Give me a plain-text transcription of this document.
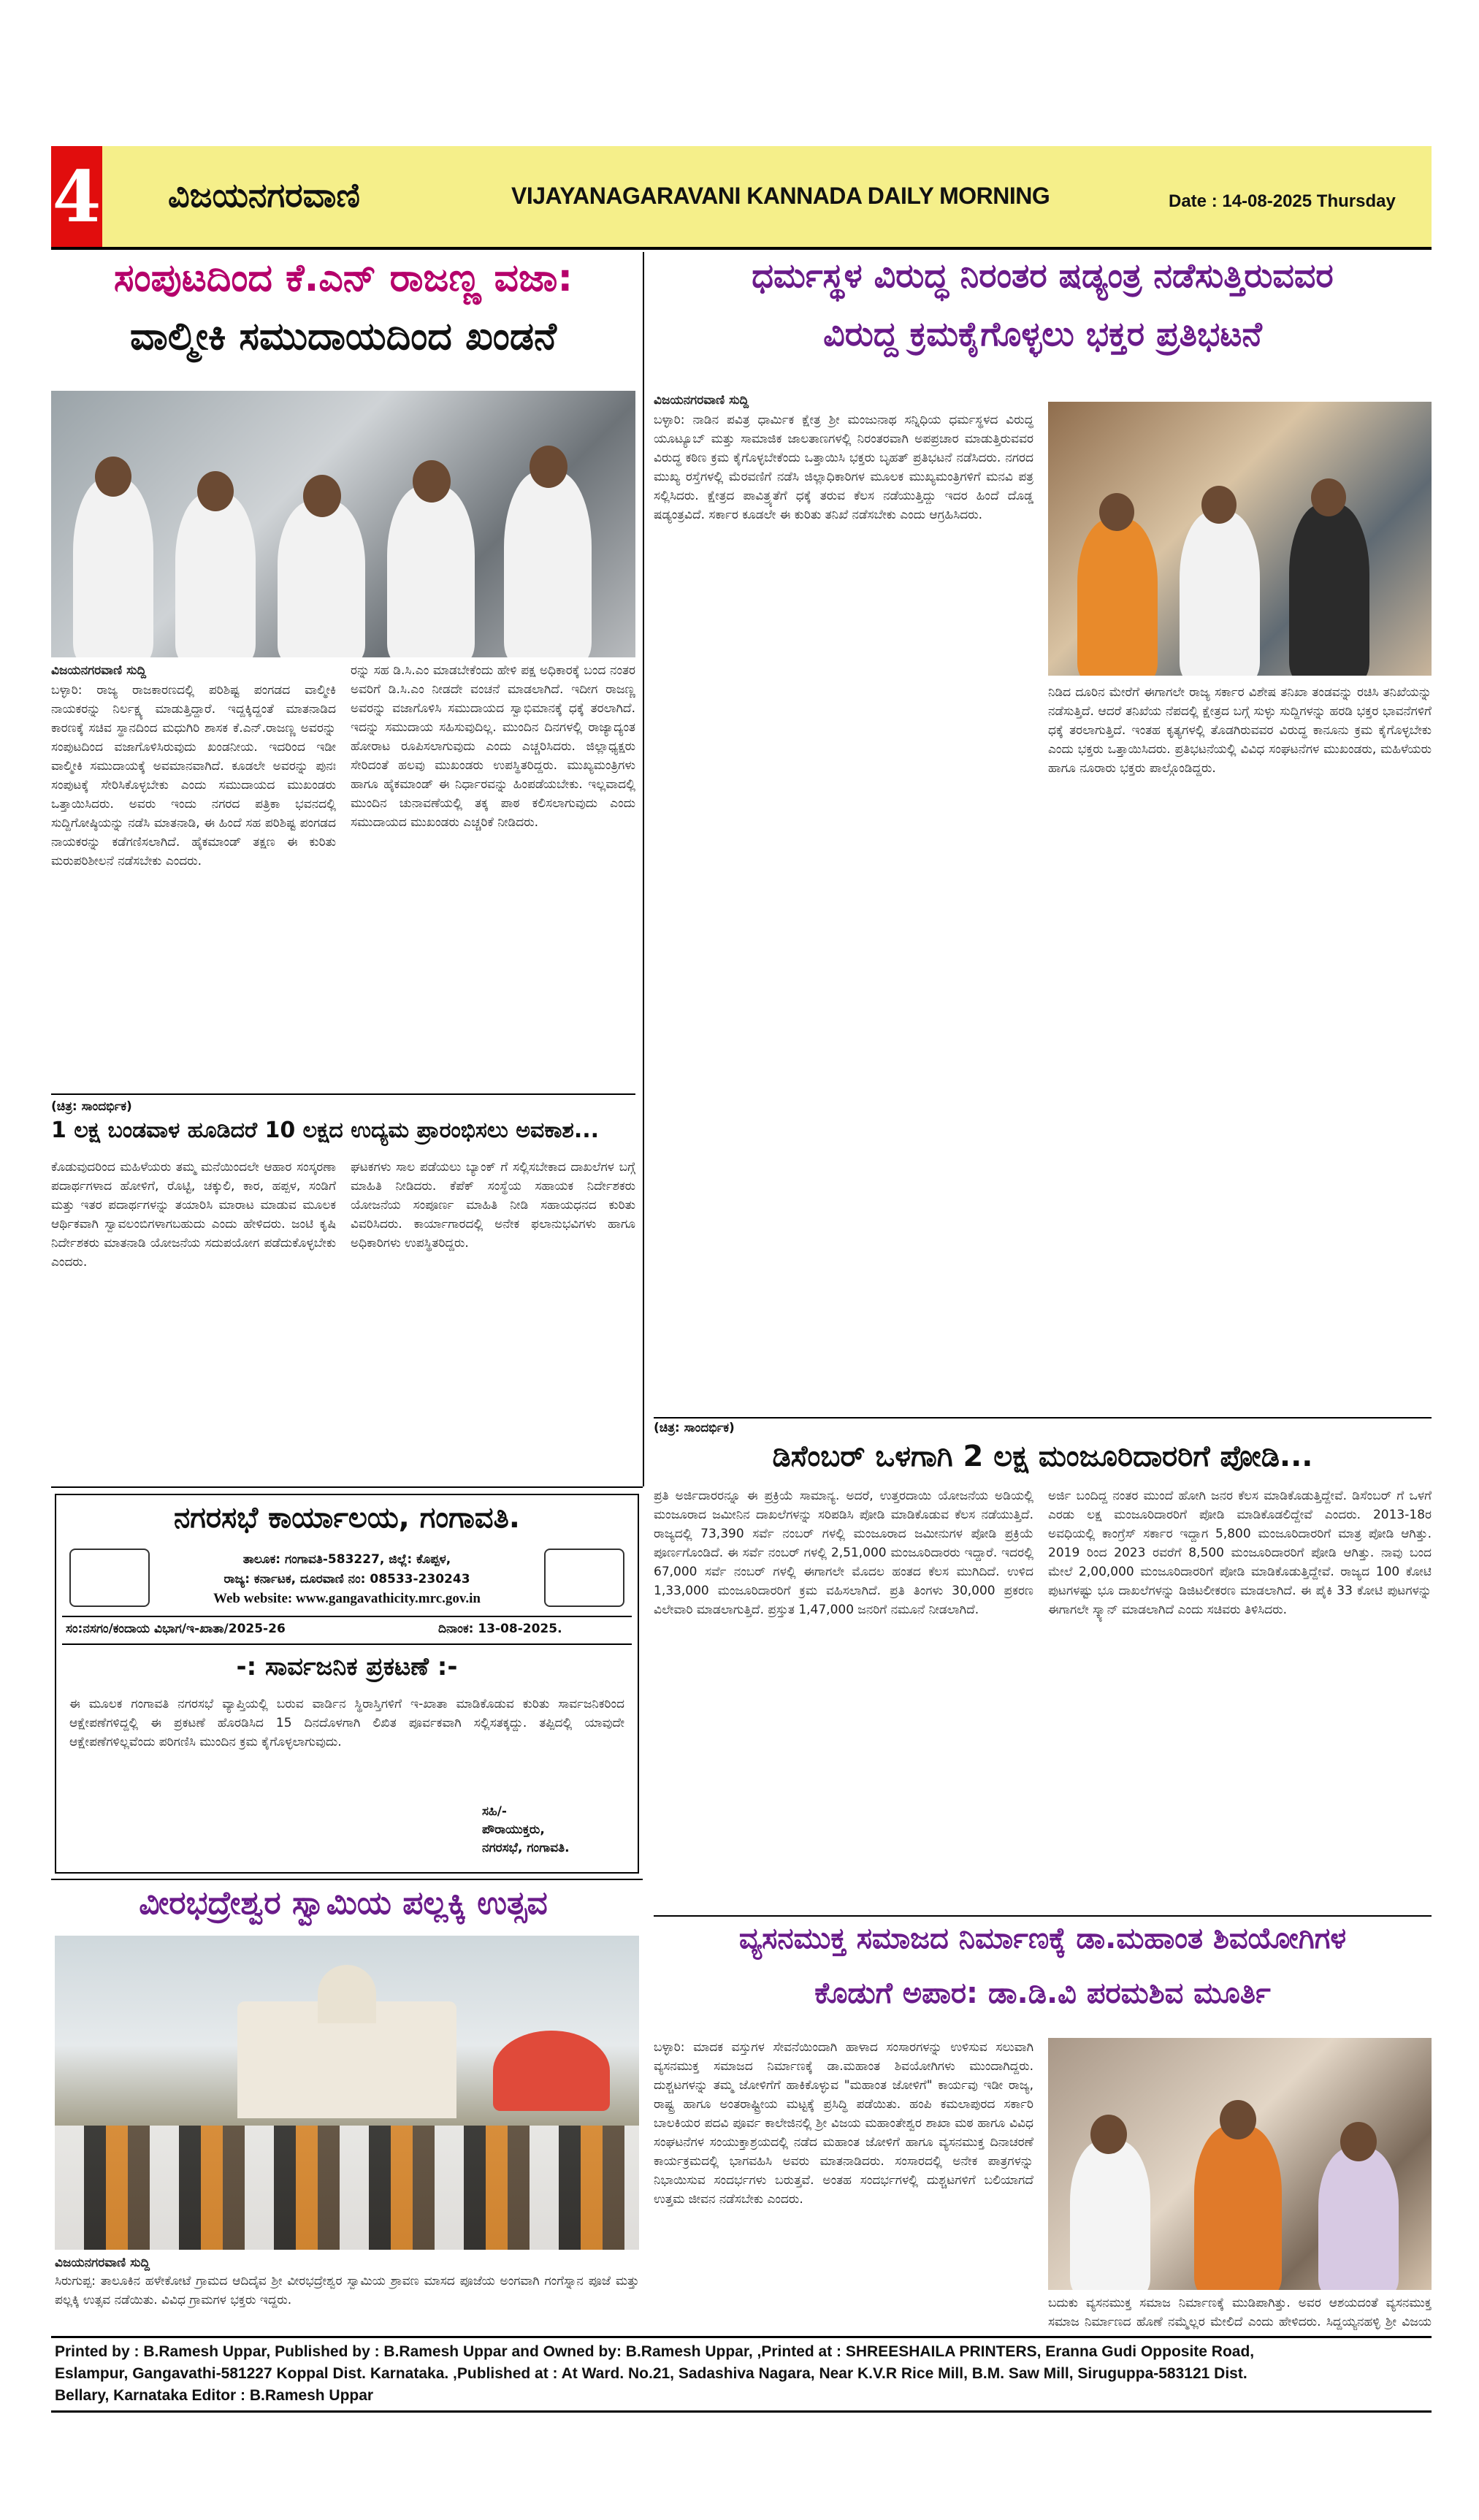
4 ವಿಜಯನಗರವಾಣಿ	VIJAYANAGARAVANI KANNADA DAILY MORNING	Date : 14-08-2025 Thursday
ಸಂಪುಟದಿಂದ ಕೆ.ಎನ್ ರಾಜಣ್ಣ ವಜಾ:
ವಾಲ್ಮೀಕಿ ಸಮುದಾಯದಿಂದ ಖಂಡನೆ
ವಿಜಯನಗರವಾಣಿ ಸುದ್ದಿ
ಬಳ್ಳಾರಿ: ರಾಜ್ಯ ರಾಜಕಾರಣದಲ್ಲಿ ಪರಿಶಿಷ್ಟ ಪಂಗಡದ ವಾಲ್ಮೀಕಿ ನಾಯಕರನ್ನು ನಿರ್ಲಕ್ಷ್ಯ ಮಾಡುತ್ತಿದ್ದಾರೆ. ಇದ್ದಕ್ಕಿದ್ದಂತೆ ಮಾತನಾಡಿದ ಕಾರಣಕ್ಕೆ ಸಚಿವ ಸ್ಥಾನದಿಂದ ಮಧುಗಿರಿ ಶಾಸಕ ಕೆ.ಎನ್.ರಾಜಣ್ಣ ಅವರನ್ನು ಸಂಪುಟದಿಂದ ವಜಾಗೊಳಿಸಿರುವುದು ಖಂಡನೀಯ. ಇದರಿಂದ ಇಡೀ ವಾಲ್ಮೀಕಿ ಸಮುದಾಯಕ್ಕೆ ಅವಮಾನವಾಗಿದೆ. ಕೂಡಲೇ ಅವರನ್ನು ಪುನಃ ಸಂಪುಟಕ್ಕೆ ಸೇರಿಸಿಕೊಳ್ಳಬೇಕು ಎಂದು ಸಮುದಾಯದ ಮುಖಂಡರು ಒತ್ತಾಯಿಸಿದರು. ಅವರು ಇಂದು ನಗರದ ಪತ್ರಿಕಾ ಭವನದಲ್ಲಿ ಸುದ್ದಿಗೋಷ್ಠಿಯನ್ನು ನಡೆಸಿ ಮಾತನಾಡಿ, ಈ ಹಿಂದೆ ಸಹ ಪರಿಶಿಷ್ಟ ಪಂಗಡದ ನಾಯಕರನ್ನು ಕಡೆಗಣಿಸಲಾಗಿದೆ. ಹೈಕಮಾಂಡ್ ತಕ್ಷಣ ಈ ಕುರಿತು ಮರುಪರಿಶೀಲನೆ ನಡೆಸಬೇಕು ಎಂದರು.
ರನ್ನು ಸಹ ಡಿ.ಸಿ.ಎಂ ಮಾಡಬೇಕೆಂದು ಹೇಳಿ ಪಕ್ಷ ಅಧಿಕಾರಕ್ಕೆ ಬಂದ ನಂತರ ಅವರಿಗೆ ಡಿ.ಸಿ.ಎಂ ನೀಡದೇ ವಂಚನೆ ಮಾಡಲಾಗಿದೆ. ಇದೀಗ ರಾಜಣ್ಣ ಅವರನ್ನು ವಜಾಗೊಳಿಸಿ ಸಮುದಾಯದ ಸ್ವಾಭಿಮಾನಕ್ಕೆ ಧಕ್ಕೆ ತರಲಾಗಿದೆ. ಇದನ್ನು ಸಮುದಾಯ ಸಹಿಸುವುದಿಲ್ಲ. ಮುಂದಿನ ದಿನಗಳಲ್ಲಿ ರಾಜ್ಯಾದ್ಯಂತ ಹೋರಾಟ ರೂಪಿಸಲಾಗುವುದು ಎಂದು ಎಚ್ಚರಿಸಿದರು. ಜಿಲ್ಲಾಧ್ಯಕ್ಷರು ಸೇರಿದಂತೆ ಹಲವು ಮುಖಂಡರು ಉಪಸ್ಥಿತರಿದ್ದರು. ಮುಖ್ಯಮಂತ್ರಿಗಳು ಹಾಗೂ ಹೈಕಮಾಂಡ್ ಈ ನಿರ್ಧಾರವನ್ನು ಹಿಂಪಡೆಯಬೇಕು. ಇಲ್ಲವಾದಲ್ಲಿ ಮುಂದಿನ ಚುನಾವಣೆಯಲ್ಲಿ ತಕ್ಕ ಪಾಠ ಕಲಿಸಲಾಗುವುದು ಎಂದು ಸಮುದಾಯದ ಮುಖಂಡರು ಎಚ್ಚರಿಕೆ ನೀಡಿದರು.
(ಚಿತ್ರ: ಸಾಂದರ್ಭಿಕ)
1 ಲಕ್ಷ ಬಂಡವಾಳ ಹೂಡಿದರೆ 10 ಲಕ್ಷದ ಉದ್ಯಮ ಪ್ರಾರಂಭಿಸಲು ಅವಕಾಶ...
ಕೊಡುವುದರಿಂದ ಮಹಿಳೆಯರು ತಮ್ಮ ಮನೆಯಿಂದಲೇ ಆಹಾರ ಸಂಸ್ಕರಣಾ ಪದಾರ್ಥಗಳಾದ ಹೋಳಿಗೆ, ರೊಟ್ಟಿ, ಚಕ್ಕುಲಿ, ಕಾರ, ಹಪ್ಪಳ, ಸಂಡಿಗೆ ಮತ್ತು ಇತರ ಪದಾರ್ಥಗಳನ್ನು ತಯಾರಿಸಿ ಮಾರಾಟ ಮಾಡುವ ಮೂಲಕ ಆರ್ಥಿಕವಾಗಿ ಸ್ವಾವಲಂಬಿಗಳಾಗಬಹುದು ಎಂದು ಹೇಳಿದರು. ಜಂಟಿ ಕೃಷಿ ನಿರ್ದೇಶಕರು ಮಾತನಾಡಿ ಯೋಜನೆಯ ಸದುಪಯೋಗ ಪಡೆದುಕೊಳ್ಳಬೇಕು ಎಂದರು.
ಘಟಕಗಳು ಸಾಲ ಪಡೆಯಲು ಬ್ಯಾಂಕ್ ಗೆ ಸಲ್ಲಿಸಬೇಕಾದ ದಾಖಲೆಗಳ ಬಗ್ಗೆ ಮಾಹಿತಿ ನೀಡಿದರು. ಕೆಪೆಕ್ ಸಂಸ್ಥೆಯ ಸಹಾಯಕ ನಿರ್ದೇಶಕರು ಯೋಜನೆಯ ಸಂಪೂರ್ಣ ಮಾಹಿತಿ ನೀಡಿ ಸಹಾಯಧನದ ಕುರಿತು ವಿವರಿಸಿದರು. ಕಾರ್ಯಾಗಾರದಲ್ಲಿ ಅನೇಕ ಫಲಾನುಭವಿಗಳು ಹಾಗೂ ಅಧಿಕಾರಿಗಳು ಉಪಸ್ಥಿತರಿದ್ದರು.
ಧರ್ಮಸ್ಥಳ ವಿರುದ್ಧ ನಿರಂತರ ಷಡ್ಯಂತ್ರ ನಡೆಸುತ್ತಿರುವವರ
ವಿರುದ್ದ ಕ್ರಮಕೈಗೊಳ್ಳಲು ಭಕ್ತರ ಪ್ರತಿಭಟನೆ
ವಿಜಯನಗರವಾಣಿ ಸುದ್ದಿ
ಬಳ್ಳಾರಿ: ನಾಡಿನ ಪವಿತ್ರ ಧಾರ್ಮಿಕ ಕ್ಷೇತ್ರ ಶ್ರೀ ಮಂಜುನಾಥ ಸನ್ನಿಧಿಯ ಧರ್ಮಸ್ಥಳದ ವಿರುದ್ಧ ಯೂಟ್ಯೂಬ್ ಮತ್ತು ಸಾಮಾಜಿಕ ಜಾಲತಾಣಗಳಲ್ಲಿ ನಿರಂತರವಾಗಿ ಅಪಪ್ರಚಾರ ಮಾಡುತ್ತಿರುವವರ ವಿರುದ್ಧ ಕಠಿಣ ಕ್ರಮ ಕೈಗೊಳ್ಳಬೇಕೆಂದು ಒತ್ತಾಯಿಸಿ ಭಕ್ತರು ಬೃಹತ್ ಪ್ರತಿಭಟನೆ ನಡೆಸಿದರು. ನಗರದ ಮುಖ್ಯ ರಸ್ತೆಗಳಲ್ಲಿ ಮೆರವಣಿಗೆ ನಡೆಸಿ ಜಿಲ್ಲಾಧಿಕಾರಿಗಳ ಮೂಲಕ ಮುಖ್ಯಮಂತ್ರಿಗಳಿಗೆ ಮನವಿ ಪತ್ರ ಸಲ್ಲಿಸಿದರು. ಕ್ಷೇತ್ರದ ಪಾವಿತ್ರ್ಯತೆಗೆ ಧಕ್ಕೆ ತರುವ ಕೆಲಸ ನಡೆಯುತ್ತಿದ್ದು ಇದರ ಹಿಂದೆ ದೊಡ್ಡ ಷಡ್ಯಂತ್ರವಿದೆ. ಸರ್ಕಾರ ಕೂಡಲೇ ಈ ಕುರಿತು ತನಿಖೆ ನಡೆಸಬೇಕು ಎಂದು ಆಗ್ರಹಿಸಿದರು.
ನಿಡಿದ ದೂರಿನ ಮೇರೆಗೆ ಈಗಾಗಲೇ ರಾಜ್ಯ ಸರ್ಕಾರ ವಿಶೇಷ ತನಿಖಾ ತಂಡವನ್ನು ರಚಿಸಿ ತನಿಖೆಯನ್ನು ನಡೆಸುತ್ತಿದೆ. ಆದರೆ ತನಿಖೆಯ ನೆಪದಲ್ಲಿ ಕ್ಷೇತ್ರದ ಬಗ್ಗೆ ಸುಳ್ಳು ಸುದ್ದಿಗಳನ್ನು ಹರಡಿ ಭಕ್ತರ ಭಾವನೆಗಳಿಗೆ ಧಕ್ಕೆ ತರಲಾಗುತ್ತಿದೆ. ಇಂತಹ ಕೃತ್ಯಗಳಲ್ಲಿ ತೊಡಗಿರುವವರ ವಿರುದ್ಧ ಕಾನೂನು ಕ್ರಮ ಕೈಗೊಳ್ಳಬೇಕು ಎಂದು ಭಕ್ತರು ಒತ್ತಾಯಿಸಿದರು. ಪ್ರತಿಭಟನೆಯಲ್ಲಿ ವಿವಿಧ ಸಂಘಟನೆಗಳ ಮುಖಂಡರು, ಮಹಿಳೆಯರು ಹಾಗೂ ನೂರಾರು ಭಕ್ತರು ಪಾಲ್ಗೊಂಡಿದ್ದರು.
(ಚಿತ್ರ: ಸಾಂದರ್ಭಿಕ)
ಡಿಸೆಂಬರ್ ಒಳಗಾಗಿ 2 ಲಕ್ಷ ಮಂಜೂರಿದಾರರಿಗೆ ಪೋಡಿ...
ಪ್ರತಿ ಅರ್ಜಿದಾರರನ್ನೂ ಈ ಪ್ರಕ್ರಿಯೆ ಸಾಮಾನ್ಯ. ಅದರೆ, ಉತ್ತರದಾಯಿ ಯೋಜನೆಯ ಅಡಿಯಲ್ಲಿ ಮಂಜೂರಾದ ಜಮೀನಿನ ದಾಖಲೆಗಳನ್ನು ಸರಿಪಡಿಸಿ ಪೋಡಿ ಮಾಡಿಕೊಡುವ ಕೆಲಸ ನಡೆಯುತ್ತಿದೆ. ರಾಜ್ಯದಲ್ಲಿ 73,390 ಸರ್ವೆ ನಂಬರ್ ಗಳಲ್ಲಿ ಮಂಜೂರಾದ ಜಮೀನುಗಳ ಪೋಡಿ ಪ್ರಕ್ರಿಯೆ ಪೂರ್ಣಗೊಂಡಿದೆ. ಈ ಸರ್ವೆ ನಂಬರ್ ಗಳಲ್ಲಿ 2,51,000 ಮಂಜೂರಿದಾರರು ಇದ್ದಾರೆ. ಇದರಲ್ಲಿ 67,000 ಸರ್ವೆ ನಂಬರ್ ಗಳಲ್ಲಿ ಈಗಾಗಲೇ ಮೊದಲ ಹಂತದ ಕೆಲಸ ಮುಗಿದಿದೆ. ಉಳಿದ 1,33,000 ಮಂಜೂರಿದಾರರಿಗೆ ಕ್ರಮ ವಹಿಸಲಾಗಿದೆ. ಪ್ರತಿ ತಿಂಗಳು 30,000 ಪ್ರಕರಣ ವಿಲೇವಾರಿ ಮಾಡಲಾಗುತ್ತಿದೆ. ಪ್ರಸ್ತುತ 1,47,000 ಜನರಿಗೆ ನಮೂನೆ ನೀಡಲಾಗಿದೆ.
ಅರ್ಜಿ ಬಂದಿದ್ದ ನಂತರ ಮುಂದೆ ಹೋಗಿ ಜನರ ಕೆಲಸ ಮಾಡಿಕೊಡುತ್ತಿದ್ದೇವೆ. ಡಿಸೆಂಬರ್ ಗೆ ಒಳಗೆ ಎರಡು ಲಕ್ಷ ಮಂಜೂರಿದಾರರಿಗೆ ಪೋಡಿ ಮಾಡಿಕೊಡಲಿದ್ದೇವೆ ಎಂದರು. 2013-18ರ ಅವಧಿಯಲ್ಲಿ ಕಾಂಗ್ರೆಸ್ ಸರ್ಕಾರ ಇದ್ದಾಗ 5,800 ಮಂಜೂರಿದಾರರಿಗೆ ಮಾತ್ರ ಪೋಡಿ ಆಗಿತ್ತು. 2019 ರಿಂದ 2023 ರವರೆಗೆ 8,500 ಮಂಜೂರಿದಾರರಿಗೆ ಪೋಡಿ ಆಗಿತ್ತು. ನಾವು ಬಂದ ಮೇಲೆ 2,00,000 ಮಂಜೂರಿದಾರರಿಗೆ ಪೋಡಿ ಮಾಡಿಕೊಡುತ್ತಿದ್ದೇವೆ. ರಾಜ್ಯದ 100 ಕೋಟಿ ಪುಟಗಳಷ್ಟು ಭೂ ದಾಖಲೆಗಳನ್ನು ಡಿಜಿಟಲೀಕರಣ ಮಾಡಲಾಗಿದೆ. ಈ ಪೈಕಿ 33 ಕೋಟಿ ಪುಟಗಳನ್ನು ಈಗಾಗಲೇ ಸ್ಕ್ಯಾನ್ ಮಾಡಲಾಗಿದೆ ಎಂದು ಸಚಿವರು ತಿಳಿಸಿದರು.
ನಗರಸಭೆ ಕಾರ್ಯಾಲಯ, ಗಂಗಾವತಿ.
ತಾಲೂಕ: ಗಂಗಾವತಿ-583227, ಜಿಲ್ಲೆ: ಕೊಪ್ಪಳ,
ರಾಜ್ಯ: ಕರ್ನಾಟಕ, ದೂರವಾಣಿ ನಂ: 08533-230243
Web website: www.gangavathicity.mrc.gov.in
ಸಂ:ನಸಗಂ/ಕಂದಾಯ ವಿಭಾಗ/ಇ-ಖಾತಾ/2025-26	ದಿನಾಂಕ: 13-08-2025.
-: ಸಾರ್ವಜನಿಕ ಪ್ರಕಟಣೆ :-
ಈ ಮೂಲಕ ಗಂಗಾವತಿ ನಗರಸಭೆ ವ್ಯಾಪ್ತಿಯಲ್ಲಿ ಬರುವ ವಾರ್ಡಿನ ಸ್ಥಿರಾಸ್ತಿಗಳಿಗೆ ಇ-ಖಾತಾ ಮಾಡಿಕೊಡುವ ಕುರಿತು ಸಾರ್ವಜನಿಕರಿಂದ ಆಕ್ಷೇಪಣೆಗಳಿದ್ದಲ್ಲಿ ಈ ಪ್ರಕಟಣೆ ಹೊರಡಿಸಿದ 15 ದಿನದೊಳಗಾಗಿ ಲಿಖಿತ ಪೂರ್ವಕವಾಗಿ ಸಲ್ಲಿಸತಕ್ಕದ್ದು. ತಪ್ಪಿದಲ್ಲಿ ಯಾವುದೇ ಆಕ್ಷೇಪಣೆಗಳಿಲ್ಲವೆಂದು ಪರಿಗಣಿಸಿ ಮುಂದಿನ ಕ್ರಮ ಕೈಗೊಳ್ಳಲಾಗುವುದು.
ಸಹಿ/-
ಪೌರಾಯುಕ್ತರು,
ನಗರಸಭೆ, ಗಂಗಾವತಿ.
ವೀರಭದ್ರೇಶ್ವರ ಸ್ವಾಮಿಯ ಪಲ್ಲಕ್ಕಿ ಉತ್ಸವ
ವಿಜಯನಗರವಾಣಿ ಸುದ್ದಿ
ಸಿರುಗುಪ್ಪ: ತಾಲೂಕಿನ ಹಳೇಕೋಟೆ ಗ್ರಾಮದ ಆದಿದೈವ ಶ್ರೀ ವೀರಭದ್ರೇಶ್ವರ ಸ್ವಾಮಿಯ ಶ್ರಾವಣ ಮಾಸದ ಪೂಜೆಯ ಅಂಗವಾಗಿ ಗಂಗೆಸ್ನಾನ ಪೂಜೆ ಮತ್ತು ಪಲ್ಲಕ್ಕಿ ಉತ್ಸವ ನಡೆಯಿತು. ವಿವಿಧ ಗ್ರಾಮಗಳ ಭಕ್ತರು ಇದ್ದರು.
ವ್ಯಸನಮುಕ್ತ ಸಮಾಜದ ನಿರ್ಮಾಣಕ್ಕೆ ಡಾ.ಮಹಾಂತ ಶಿವಯೋಗಿಗಳ
ಕೊಡುಗೆ ಅಪಾರ: ಡಾ.ಡಿ.ವಿ ಪರಮಶಿವ ಮೂರ್ತಿ
ಬಳ್ಳಾರಿ: ಮಾದಕ ವಸ್ತುಗಳ ಸೇವನೆಯಿಂದಾಗಿ ಹಾಳಾದ ಸಂಸಾರಗಳನ್ನು ಉಳಿಸುವ ಸಲುವಾಗಿ ವ್ಯಸನಮುಕ್ತ ಸಮಾಜದ ನಿರ್ಮಾಣಕ್ಕೆ ಡಾ.ಮಹಾಂತ ಶಿವಯೋಗಿಗಳು ಮುಂದಾಗಿದ್ದರು. ದುಶ್ಚಟಗಳನ್ನು ತಮ್ಮ ಜೋಳಿಗೆಗೆ ಹಾಕಿಕೊಳ್ಳುವ "ಮಹಾಂತ ಜೋಳಿಗೆ" ಕಾರ್ಯವು ಇಡೀ ರಾಜ್ಯ, ರಾಷ್ಟ್ರ ಹಾಗೂ ಅಂತರಾಷ್ಟ್ರೀಯ ಮಟ್ಟಕ್ಕೆ ಪ್ರಸಿದ್ಧಿ ಪಡೆಯಿತು. ಹಂಪಿ ಕಮಲಾಪುರದ ಸರ್ಕಾರಿ ಬಾಲಕಿಯರ ಪದವಿ ಪೂರ್ವ ಕಾಲೇಜಿನಲ್ಲಿ ಶ್ರೀ ವಿಜಯ ಮಹಾಂತೇಶ್ವರ ಶಾಖಾ ಮಠ ಹಾಗೂ ವಿವಿಧ ಸಂಘಟನೆಗಳ ಸಂಯುಕ್ತಾಶ್ರಯದಲ್ಲಿ ನಡೆದ ಮಹಾಂತ ಜೋಳಿಗೆ ಹಾಗೂ ವ್ಯಸನಮುಕ್ತ ದಿನಾಚರಣೆ ಕಾರ್ಯಕ್ರಮದಲ್ಲಿ ಭಾಗವಹಿಸಿ ಅವರು ಮಾತನಾಡಿದರು. ಸಂಸಾರದಲ್ಲಿ ಅನೇಕ ಪಾತ್ರಗಳನ್ನು ನಿಭಾಯಿಸುವ ಸಂದರ್ಭಗಳು ಬರುತ್ತವೆ. ಅಂತಹ ಸಂದರ್ಭಗಳಲ್ಲಿ ದುಶ್ಚಟಗಳಿಗೆ ಬಲಿಯಾಗದೆ ಉತ್ತಮ ಜೀವನ ನಡೆಸಬೇಕು ಎಂದರು.
ಬದುಕು ವ್ಯಸನಮುಕ್ತ ಸಮಾಜ ನಿರ್ಮಾಣಕ್ಕೆ ಮುಡಿಪಾಗಿತ್ತು. ಅವರ ಆಶಯದಂತೆ ವ್ಯಸನಮುಕ್ತ ಸಮಾಜ ನಿರ್ಮಾಣದ ಹೊಣೆ ನಮ್ಮೆಲ್ಲರ ಮೇಲಿದೆ ಎಂದು ಹೇಳಿದರು. ಸಿದ್ದಯ್ಯನಹಳ್ಳಿ ಶ್ರೀ ವಿಜಯ
Printed by : B.Ramesh Uppar, Published by : B.Ramesh Uppar and Owned by: B.Ramesh Uppar, ,Printed at : SHREESHAILA PRINTERS, Eranna Gudi Opposite Road,
Eslampur, Gangavathi-581227 Koppal Dist. Karnataka. ,Published at : At Ward. No.21, Sadashiva Nagara, Near K.V.R Rice Mill, B.M. Saw Mill, Siruguppa-583121 Dist.
Bellary, Karnataka Editor : B.Ramesh Uppar
